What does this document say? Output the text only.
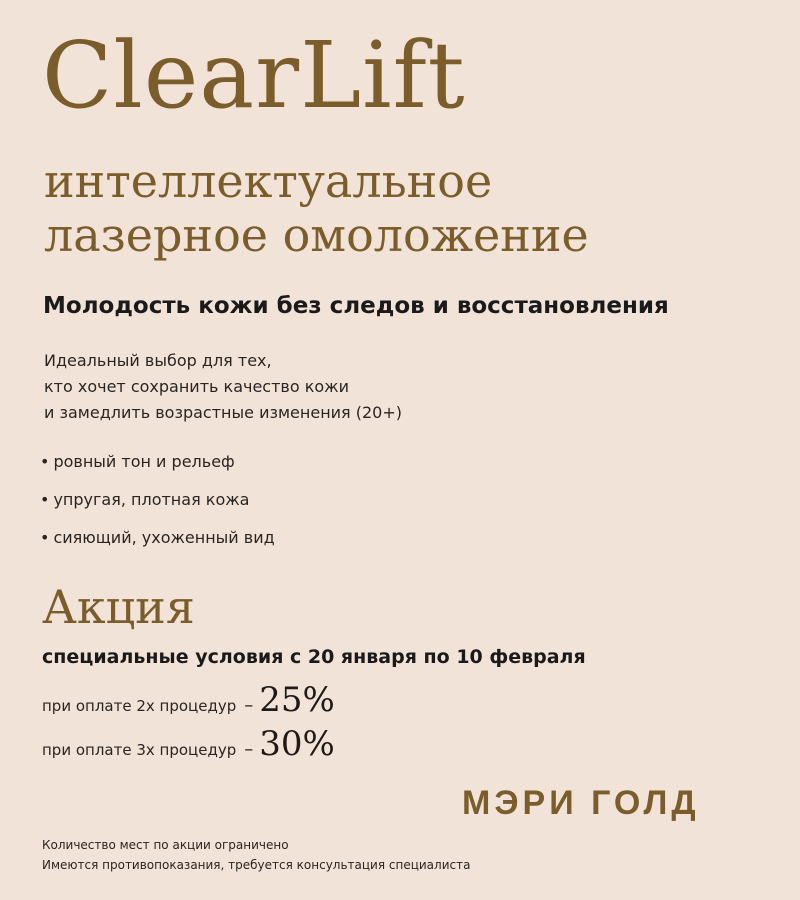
ClearLift
интеллектуальное
лазерное омоложение
Молодость кожи без следов и восстановления
Идеальный выбор для тех,
кто хочет сохранить качество кожи
и замедлить возрастные изменения (20+)
• ровный тон и рельеф
• упругая, плотная кожа
• сияющий, ухоженный вид
Акция
специальные условия с 20 января по 10 февраля
при оплате 2х процедур – 25%
при оплате 3х процедур – 30%
МЭРИ ГОЛД
Количество мест по акции ограничено
Имеются противопоказания, требуется консультация специалиста
